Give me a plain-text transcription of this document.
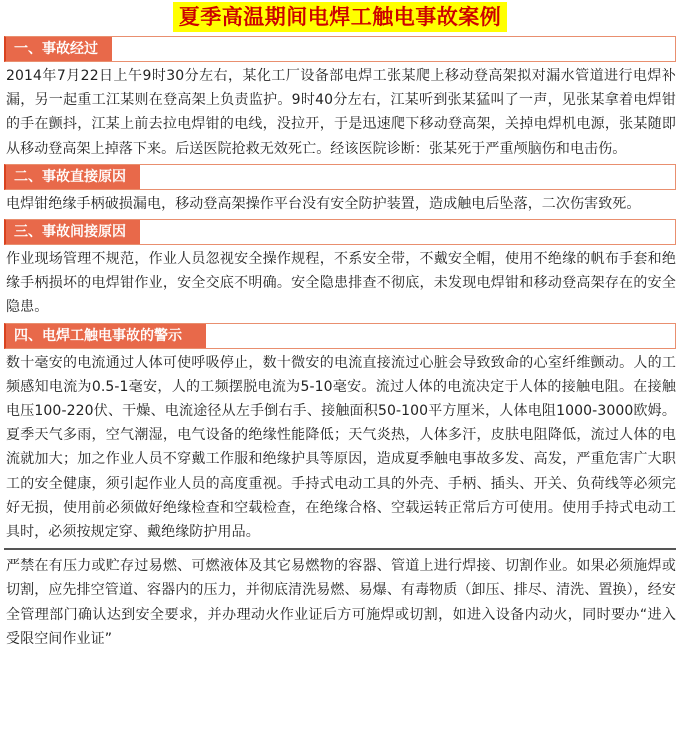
夏季高温期间电焊工触电事故案例
一、事故经过

2014年7月22日上午9时30分左右，某化工厂设备部电焊工张某爬上移动登高架拟对漏水管道进行电焊补漏，另一起重工江某则在登高架上负责监护。9时40分左右，江某听到张某猛叫了一声，见张某拿着电焊钳的手在颤抖，江某上前去拉电焊钳的电线，没拉开，于是迅速爬下移动登高架，关掉电焊机电源，张某随即从移动登高架上掉落下来。后送医院抢救无效死亡。经该医院诊断：张某死于严重颅脑伤和电击伤。

二、事故直接原因

电焊钳绝缘手柄破损漏电，移动登高架操作平台没有安全防护装置，造成触电后坠落，二次伤害致死。

三、事故间接原因

作业现场管理不规范，作业人员忽视安全操作规程，不系安全带，不戴安全帽，使用不绝缘的帆布手套和绝缘手柄损坏的电焊钳作业，安全交底不明确。安全隐患排查不彻底，未发现电焊钳和移动登高架存在的安全隐患。

四、电焊工触电事故的警示

数十毫安的电流通过人体可使呼吸停止，数十微安的电流直接流过心脏会导致致命的心室纤维颤动。人的工频感知电流为0.5-1毫安，人的工频摆脱电流为5-10毫安。流过人体的电流决定于人体的接触电阻。在接触电压100-220伏、干燥、电流途径从左手倒右手、接触面积50-100平方厘米，人体电阻1000-3000欧姆。夏季天气多雨，空气潮湿，电气设备的绝缘性能降低；天气炎热，人体多汗，皮肤电阻降低，流过人体的电流就加大；加之作业人员不穿戴工作服和绝缘护具等原因，造成夏季触电事故多发、高发，严重危害广大职工的安全健康，须引起作业人员的高度重视。手持式电动工具的外壳、手柄、插头、开关、负荷线等必须完好无损，使用前必须做好绝缘检查和空载检查，在绝缘合格、空载运转正常后方可使用。使用手持式电动工具时，必须按规定穿、戴绝缘防护用品。

严禁在有压力或贮存过易燃、可燃液体及其它易燃物的容器、管道上进行焊接、切割作业。如果必须施焊或切割，应先排空管道、容器内的压力，并彻底清洗易燃、易爆、有毒物质（卸压、排尽、清洗、置换），经安全管理部门确认达到安全要求，并办理动火作业证后方可施焊或切割，如进入设备内动火，同时要办“进入受限空间作业证”
